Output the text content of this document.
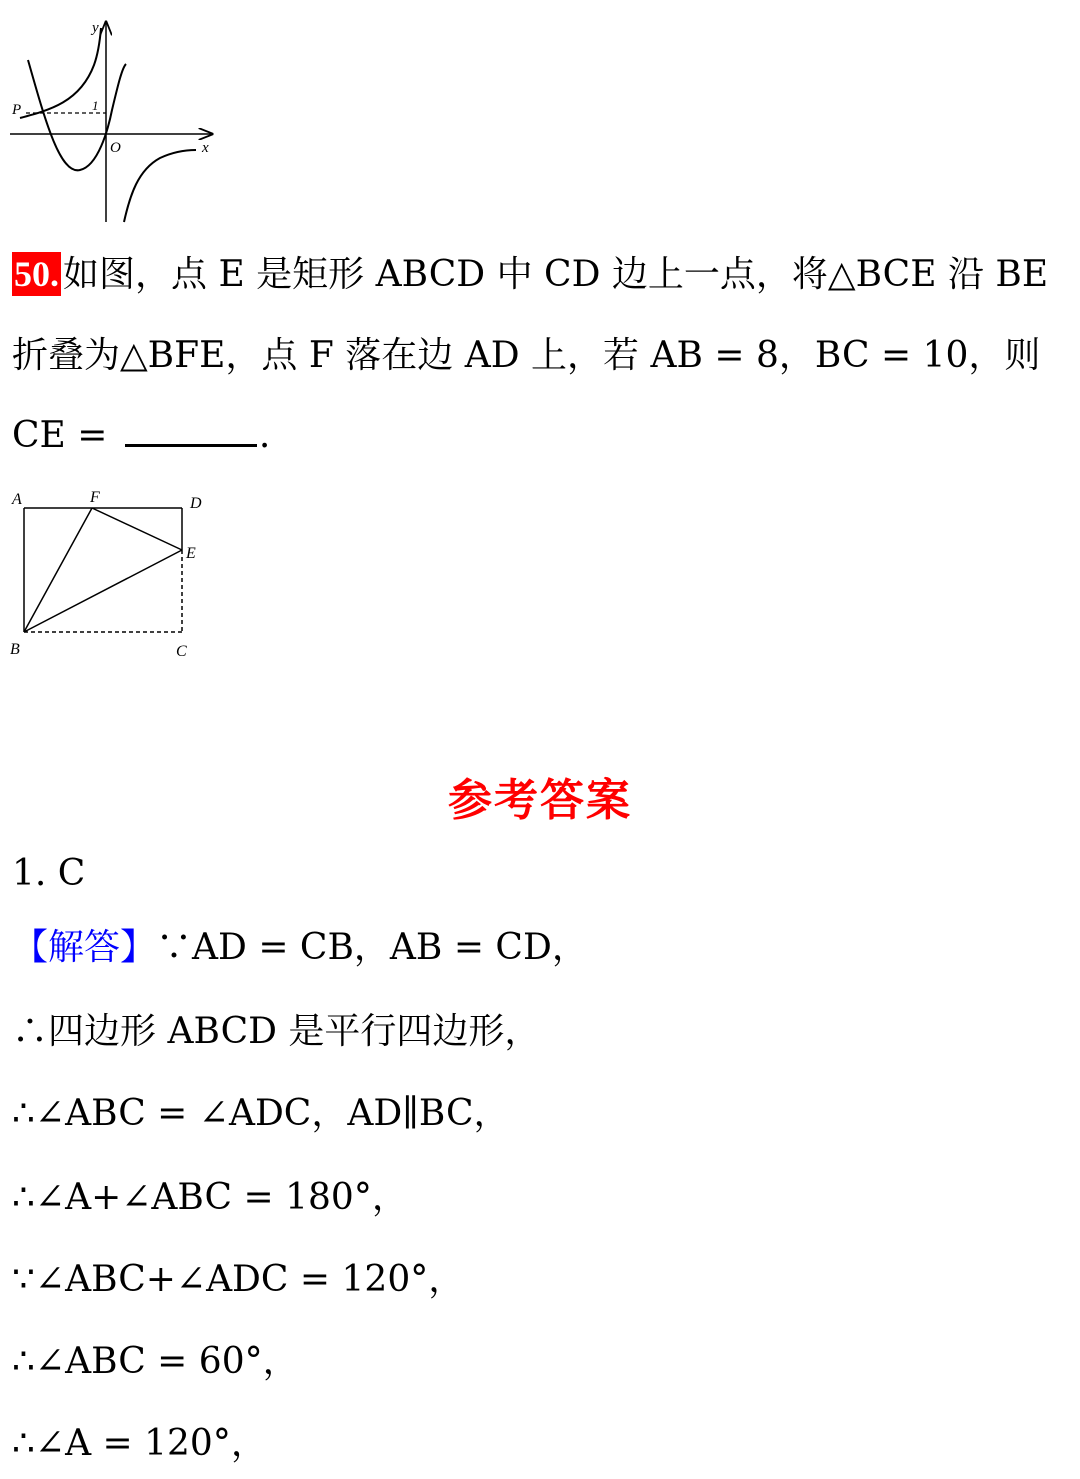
y
x
O
P	1
50. 如图，点 E 是矩形 ABCD 中 CD 边上一点，将△BCE 沿 BE
折叠为△BFE，点 F 落在边 AD 上，若 AB = 8，BC = 10，则
CE =	.
A	F	D
E
B	C
参考答案
1. C
【解答】∵AD = CB，AB = CD，
∴四边形 ABCD 是平行四边形，
∴∠ABC = ∠ADC，AD∥BC，
∴∠A+∠ABC = 180°，
∵∠ABC+∠ADC = 120°，
∴∠ABC = 60°，
∴∠A = 120°，
